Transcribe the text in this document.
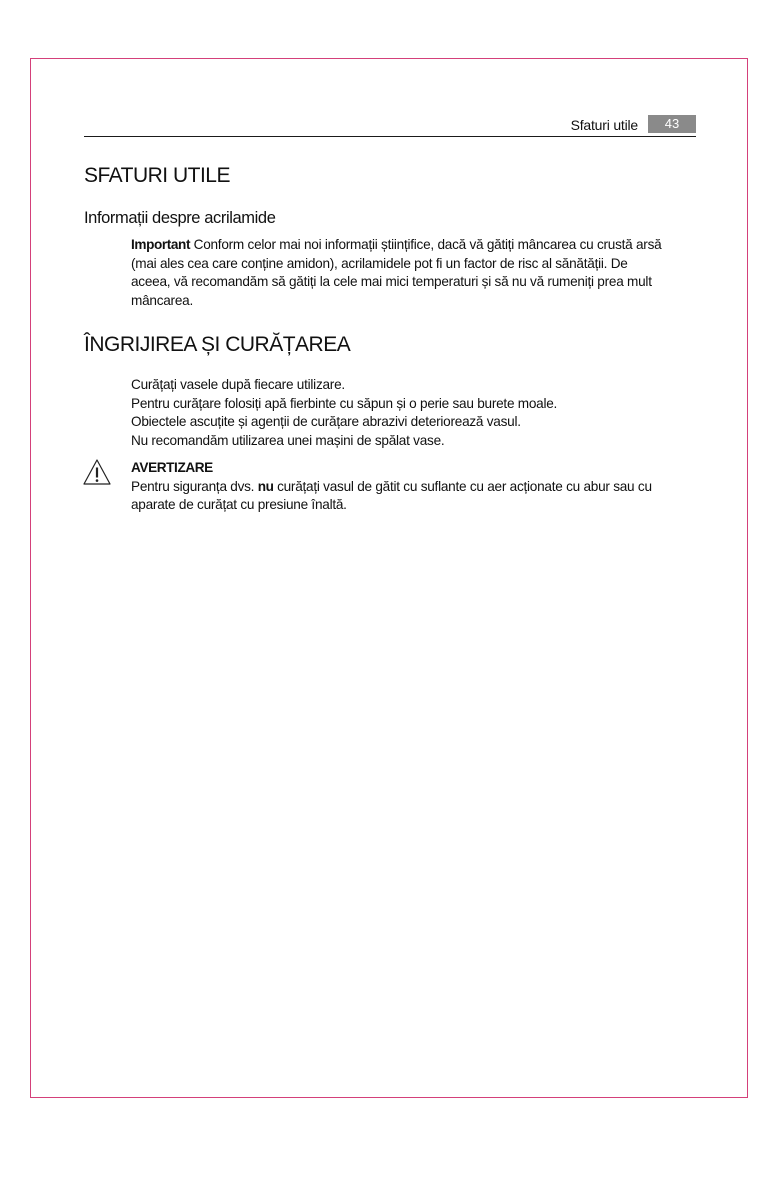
Sfaturi utile	43
SFATURI UTILE
Informații despre acrilamide
Important Conform celor mai noi informații științifice, dacă vă gătiți mâncarea cu crustă arsă
(mai ales cea care conține amidon), acrilamidele pot fi un factor de risc al sănătății. De
aceea, vă recomandăm să gătiți la cele mai mici temperaturi și să nu vă rumeniți prea mult
mâncarea.
ÎNGRIJIREA ȘI CURĂȚAREA
Curățați vasele după fiecare utilizare.
Pentru curățare folosiți apă fierbinte cu săpun și o perie sau burete moale.
Obiectele ascuțite și agenții de curățare abrazivi deteriorează vasul.
Nu recomandăm utilizarea unei mașini de spălat vase.
AVERTIZARE
Pentru siguranța dvs. nu curățați vasul de gătit cu suflante cu aer acționate cu abur sau cu
aparate de curățat cu presiune înaltă.
